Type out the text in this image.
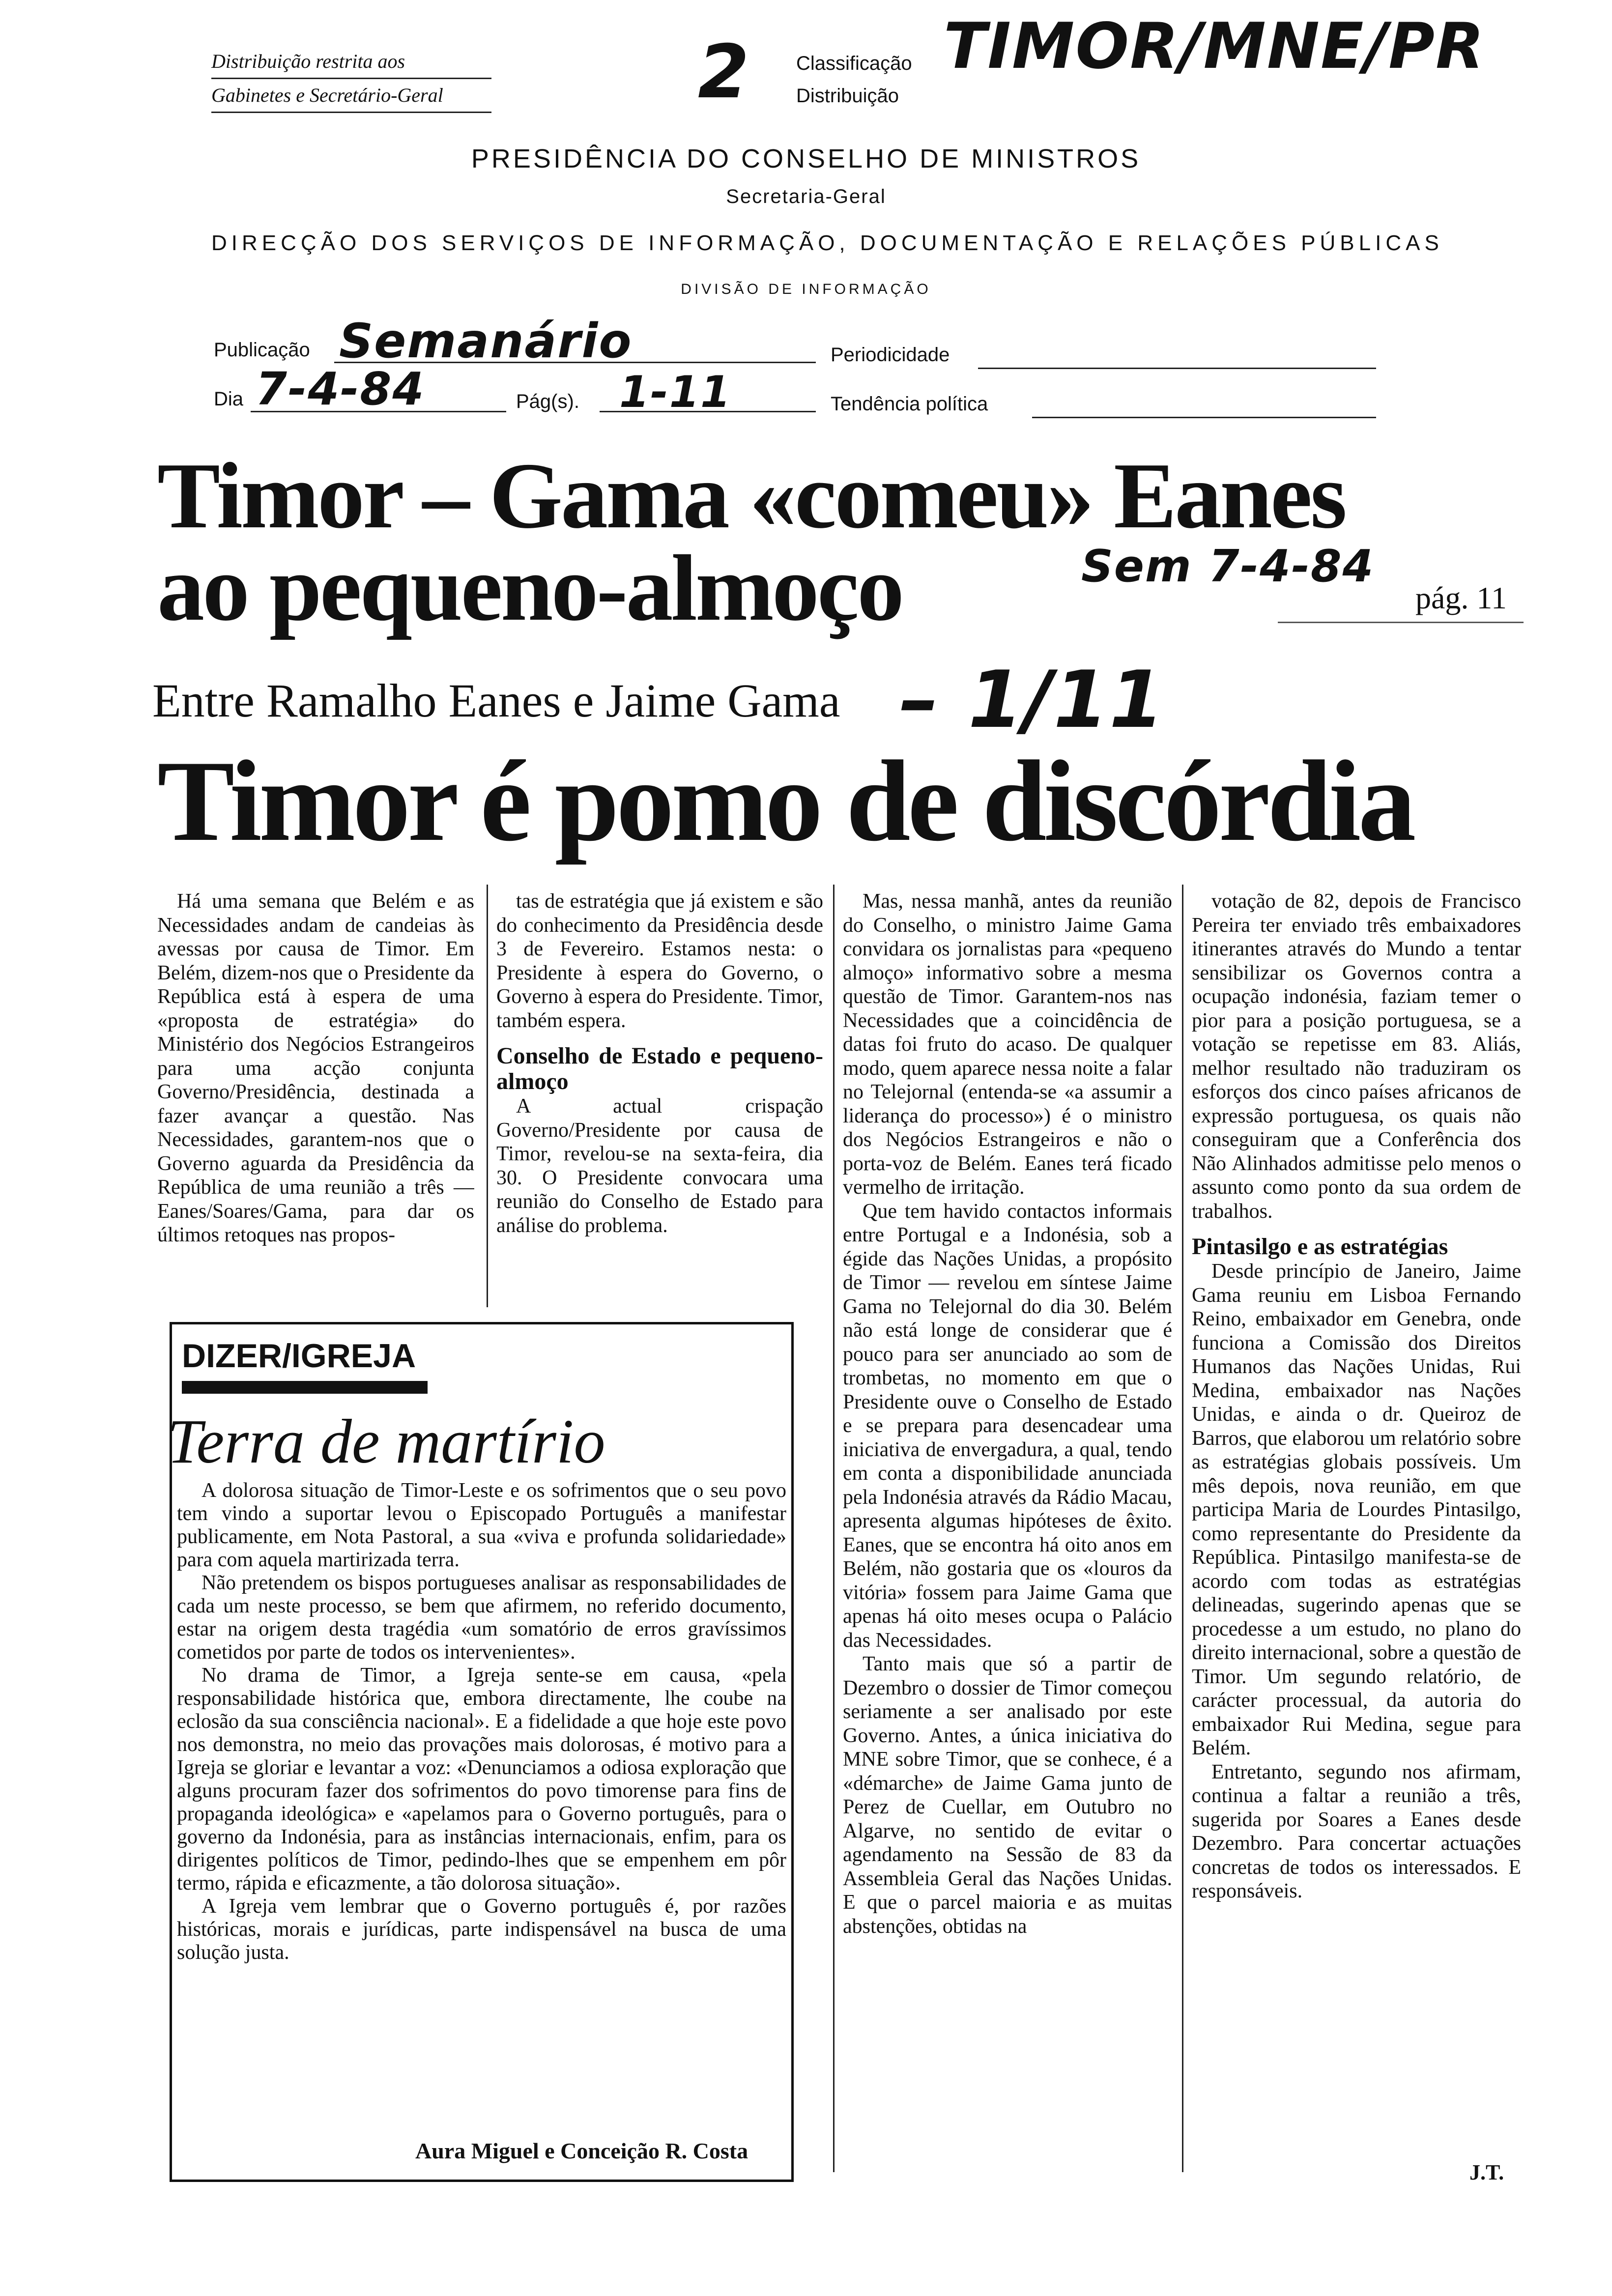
Distribuição restrita aos
Gabinetes e Secretário-Geral	2 Classificação
Distribuição
TIMOR/MNE/PR
PRESIDÊNCIA DO CONSELHO DE MINISTROS
Secretaria-Geral
DIRECÇÃO DOS SERVIÇOS DE INFORMAÇÃO, DOCUMENTAÇÃO E RELAÇÕES PÚBLICAS
DIVISÃO DE INFORMAÇÃO
Publicação Semanário	Periodicidade
Dia 7-4-84	Pág(s). 1-11	Tendência política
Timor – Gama «comeu» Eanes
ao pequeno-almoço	Sem 7-4-84
pág. 11
Entre Ramalho Eanes e Jaime Gama – 1/11
Timor é pomo de discórdia

Há uma semana que Belém e as Necessidades andam de candeias às avessas por causa de Timor. Em Belém, dizem-nos que o Presidente da República está à espera de uma «proposta de estratégia» do Ministério dos Negócios Estrangeiros para uma acção conjunta Governo/Presidência, destinada a fazer avançar a questão. Nas Necessidades, garantem-nos que o Governo aguarda da Presidência da República de uma reunião a três — Eanes/Soares/Gama, para dar os últimos retoques nas propos-

tas de estratégia que já existem e são do conhecimento da Presidência desde 3 de Fevereiro. Estamos nesta: o Presidente à espera do Governo, o Governo à espera do Presidente. Timor, também espera.

Conselho de Estado e pequeno-almoço

A actual crispação Governo/Presidente por causa de Timor, revelou-se na sexta-feira, dia 30. O Presidente convocara uma reunião do Conselho de Estado para análise do problema.

Mas, nessa manhã, antes da reunião do Conselho, o ministro Jaime Gama convidara os jornalistas para «pequeno almoço» informativo sobre a mesma questão de Timor. Garantem-nos nas Necessidades que a coincidência de datas foi fruto do acaso. De qualquer modo, quem aparece nessa noite a falar no Telejornal (entenda-se «a assumir a liderança do processo») é o ministro dos Negócios Estrangeiros e não o porta-voz de Belém. Eanes terá ficado vermelho de irritação.

Que tem havido contactos informais entre Portugal e a Indonésia, sob a égide das Nações Unidas, a propósito de Timor — revelou em síntese Jaime Gama no Telejornal do dia 30. Belém não está longe de considerar que é pouco para ser anunciado ao som de trombetas, no momento em que o Presidente ouve o Conselho de Estado e se prepara para desencadear uma iniciativa de envergadura, a qual, tendo em conta a disponibilidade anunciada pela Indonésia através da Rádio Macau, apresenta algumas hipóteses de êxito. Eanes, que se encontra há oito anos em Belém, não gostaria que os «louros da vitória» fossem para Jaime Gama que apenas há oito meses ocupa o Palácio das Necessidades.

Tanto mais que só a partir de Dezembro o dossier de Timor começou seriamente a ser analisado por este Governo. Antes, a única iniciativa do MNE sobre Timor, que se conhece, é a «démarche» de Jaime Gama junto de Perez de Cuellar, em Outubro no Algarve, no sentido de evitar o agendamento na Sessão de 83 da Assembleia Geral das Nações Unidas. E que o parcel maioria e as muitas abstenções, obtidas na

votação de 82, depois de Francisco Pereira ter enviado três embaixadores itinerantes através do Mundo a tentar sensibilizar os Governos contra a ocupação indonésia, faziam temer o pior para a posição portuguesa, se a votação se repetisse em 83. Aliás, melhor resultado não traduziram os esforços dos cinco países africanos de expressão portuguesa, os quais não conseguiram que a Conferência dos Não Alinhados admitisse pelo menos o assunto como ponto da sua ordem de trabalhos.

Pintasilgo e as estratégias

Desde princípio de Janeiro, Jaime Gama reuniu em Lisboa Fernando Reino, embaixador em Genebra, onde funciona a Comissão dos Direitos Humanos das Nações Unidas, Rui Medina, embaixador nas Nações Unidas, e ainda o dr. Queiroz de Barros, que elaborou um relatório sobre as estratégias globais possíveis. Um mês depois, nova reunião, em que participa Maria de Lourdes Pintasilgo, como representante do Presidente da República. Pintasilgo manifesta-se de acordo com todas as estratégias delineadas, sugerindo apenas que se procedesse a um estudo, no plano do direito internacional, sobre a questão de Timor. Um segundo relatório, de carácter processual, da autoria do embaixador Rui Medina, segue para Belém.

Entretanto, segundo nos afirmam, continua a faltar a reunião a três, sugerida por Soares a Eanes desde Dezembro. Para concertar actuações concretas de todos os interessados. E responsáveis.

J.T.
DIZER/IGREJA
Terra de martírio

A dolorosa situação de Timor-Leste e os sofrimentos que o seu povo tem vindo a suportar levou o Episcopado Português a manifestar publicamente, em Nota Pastoral, a sua «viva e profunda solidariedade» para com aquela martirizada terra.

Não pretendem os bispos portugueses analisar as responsabilidades de cada um neste processo, se bem que afirmem, no referido documento, estar na origem desta tragédia «um somatório de erros gravíssimos cometidos por parte de todos os intervenientes».

No drama de Timor, a Igreja sente-se em causa, «pela responsabilidade histórica que, embora directamente, lhe coube na eclosão da sua consciência nacional». E a fidelidade a que hoje este povo nos demonstra, no meio das provações mais dolorosas, é motivo para a Igreja se gloriar e levantar a voz: «Denunciamos a odiosa exploração que alguns procuram fazer dos sofrimentos do povo timorense para fins de propaganda ideológica» e «apelamos para o Governo português, para o governo da Indonésia, para as instâncias internacionais, enfim, para os dirigentes políticos de Timor, pedindo-lhes que se empenhem em pôr termo, rápida e eficazmente, a tão dolorosa situação».

A Igreja vem lembrar que o Governo português é, por razões históricas, morais e jurídicas, parte indispensável na busca de uma solução justa.

Aura Miguel e Conceição R. Costa
